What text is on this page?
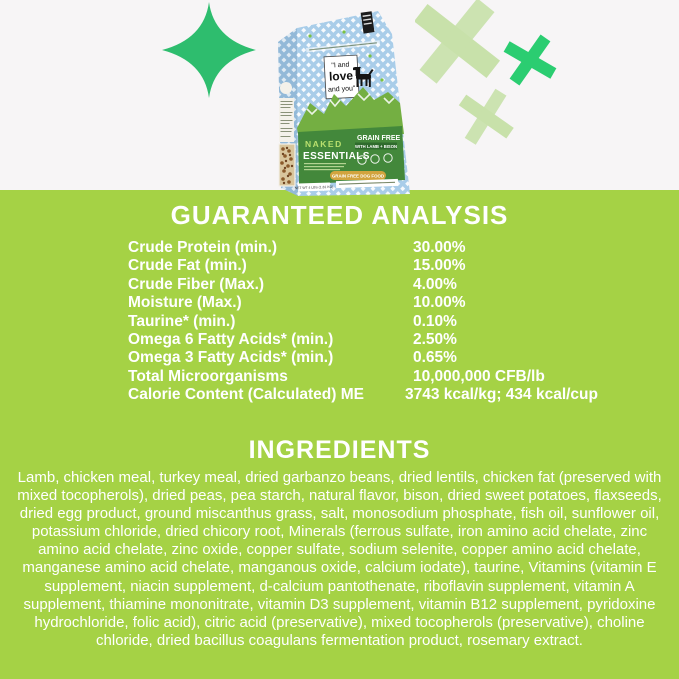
"I and
love
and you"
NAKED
ESSENTIALS
GRAIN FREE
WITH LAMB + BISON
GRAIN FREE DOG FOOD
NET WT 4 LBS (1.81 KG)
GUARANTEED ANALYSIS
Crude Protein (min.)	30.00%
Crude Fat (min.)	15.00%
Crude Fiber (Max.)	4.00%
Moisture (Max.)	10.00%
Taurine* (min.)	0.10%
Omega 6 Fatty Acids* (min.)	2.50%
Omega 3 Fatty Acids* (min.)	0.65%
Total Microorganisms	10,000,000 CFB/lb
Calorie Content (Calculated) ME	3743 kcal/kg; 434 kcal/cup
INGREDIENTS
Lamb, chicken meal, turkey meal, dried garbanzo beans, dried lentils, chicken fat (preserved with mixed tocopherols), dried peas, pea starch, natural flavor, bison, dried sweet potatoes, flaxseeds, dried egg product, ground miscanthus grass, salt, monosodium phosphate, fish oil, sunflower oil, potassium chloride, dried chicory root, Minerals (ferrous sulfate, iron amino acid chelate, zinc amino acid chelate, zinc oxide, copper sulfate, sodium selenite, copper amino acid chelate, manganese amino acid chelate, manganous oxide, calcium iodate), taurine, Vitamins (vitamin E supplement, niacin supplement, d-calcium pantothenate, riboflavin supplement, vitamin A supplement, thiamine mononitrate, vitamin D3 supplement, vitamin B12 supplement, pyridoxine hydrochloride, folic acid), citric acid (preservative), mixed tocopherols (preservative), choline chloride, dried bacillus coagulans fermentation product, rosemary extract.
